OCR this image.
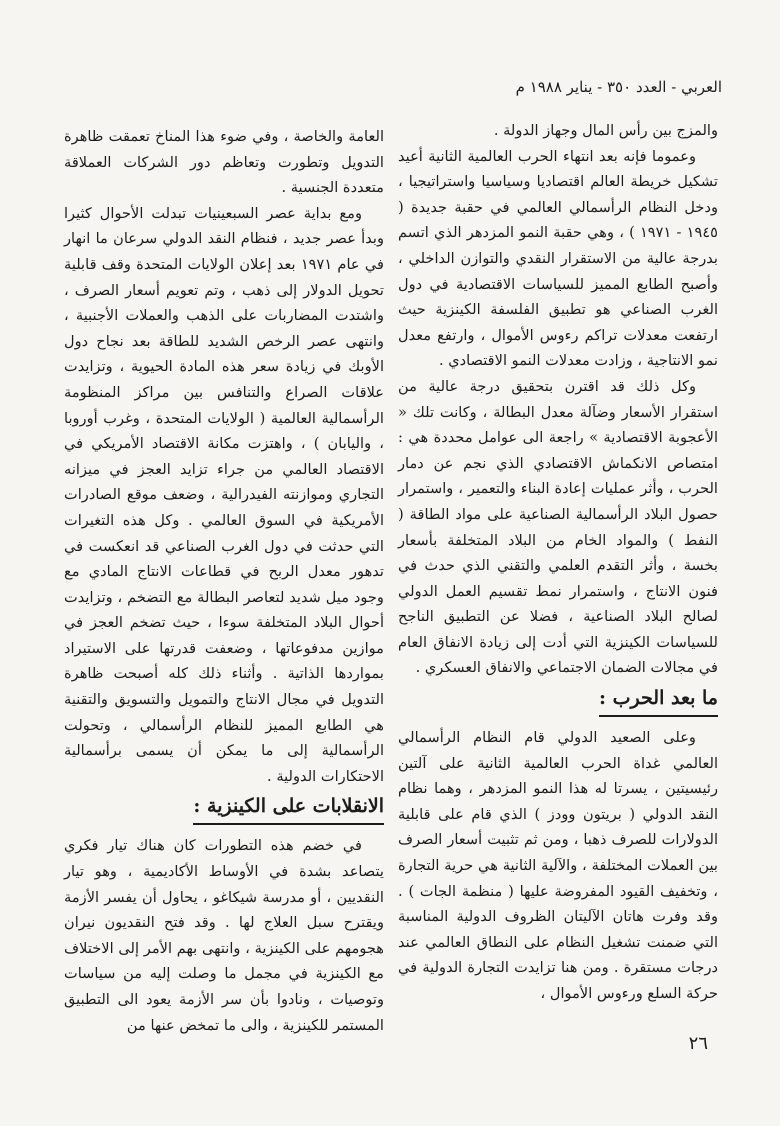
العربي - العدد ٣٥٠ - يناير ١٩٨٨ م

والمزج بين رأس المال وجهاز الدولة .

وعموما فإنه بعد انتهاء الحرب العالمية الثانية أعيد تشكيل خريطة العالم اقتصاديا وسياسيا واستراتيجيا ، ودخل النظام الرأسمالي العالمي في حقبة جديدة ( ١٩٤٥ - ١٩٧١ ) ، وهي حقبة النمو المزدهر الذي اتسم بدرجة عالية من الاستقرار النقدي والتوازن الداخلي ، وأصبح الطابع المميز للسياسات الاقتصادية في دول الغرب الصناعي هو تطبيق الفلسفة الكينزية حيث ارتفعت معدلات تراكم رءوس الأموال ، وارتفع معدل نمو الانتاجية ، وزادت معدلات النمو الاقتصادي .

وكل ذلك قد اقترن بتحقيق درجة عالية من استقرار الأسعار وضآلة معدل البطالة ، وكانت تلك « الأعجوبة الاقتصادية » راجعة الى عوامل محددة هي : امتصاص الانكماش الاقتصادي الذي نجم عن دمار الحرب ، وأثر عمليات إعادة البناء والتعمير ، واستمرار حصول البلاد الرأسمالية الصناعية على مواد الطاقة ( النفط ) والمواد الخام من البلاد المتخلفة بأسعار بخسة ، وأثر التقدم العلمي والتقني الذي حدث في فنون الانتاج ، واستمرار نمط تقسيم العمل الدولي لصالح البلاد الصناعية ، فضلا عن التطبيق الناجح للسياسات الكينزية التي أدت إلى زيادة الانفاق العام في مجالات الضمان الاجتماعي والانفاق العسكري .

ما بعد الحرب :

وعلى الصعيد الدولي قام النظام الرأسمالي العالمي غداة الحرب العالمية الثانية على آلتين رئيسيتين ، يسرتا له هذا النمو المزدهر ، وهما نظام النقد الدولي ( بريتون وودز ) الذي قام على قابلية الدولارات للصرف ذهبا ، ومن ثم تثبيت أسعار الصرف بين العملات المختلفة ، والآلية الثانية هي حرية التجارة ، وتخفيف القيود المفروضة عليها ( منظمة الجات ) . وقد وفرت هاتان الآليتان الظروف الدولية المناسبة التي ضمنت تشغيل النظام على النطاق العالمي عند درجات مستقرة . ومن هنا تزايدت التجارة الدولية في حركة السلع ورءوس الأموال ،

العامة والخاصة ، وفي ضوء هذا المناخ تعمقت ظاهرة التدويل وتطورت وتعاظم دور الشركات العملاقة متعددة الجنسية .

ومع بداية عصر السبعينيات تبدلت الأحوال كثيرا وبدأ عصر جديد ، فنظام النقد الدولي سرعان ما انهار في عام ١٩٧١ بعد إعلان الولايات المتحدة وقف قابلية تحويل الدولار إلى ذهب ، وتم تعويم أسعار الصرف ، واشتدت المضاربات على الذهب والعملات الأجنبية ، وانتهى عصر الرخص الشديد للطاقة بعد نجاح دول الأوبك في زيادة سعر هذه المادة الحيوية ، وتزايدت علاقات الصراع والتنافس بين مراكز المنظومة الرأسمالية العالمية ( الولايات المتحدة ، وغرب أوروبا ، واليابان ) ، واهتزت مكانة الاقتصاد الأمريكي في الاقتصاد العالمي من جراء تزايد العجز في ميزانه التجاري وموازنته الفيدرالية ، وضعف موقع الصادرات الأمريكية في السوق العالمي . وكل هذه التغيرات التي حدثت في دول الغرب الصناعي قد انعكست في تدهور معدل الربح في قطاعات الانتاج المادي مع وجود ميل شديد لتعاصر البطالة مع التضخم ، وتزايدت أحوال البلاد المتخلفة سوءا ، حيث تضخم العجز في موازين مدفوعاتها ، وضعفت قدرتها على الاستيراد بمواردها الذاتية . وأثناء ذلك كله أصبحت ظاهرة التدويل في مجال الانتاج والتمويل والتسويق والتقنية هي الطابع المميز للنظام الرأسمالي ، وتحولت الرأسمالية إلى ما يمكن أن يسمى برأسمالية الاحتكارات الدولية .

الانقلابات على الكينزية :

في خضم هذه التطورات كان هناك تيار فكري يتصاعد بشدة في الأوساط الأكاديمية ، وهو تيار النقديين ، أو مدرسة شيكاغو ، يحاول أن يفسر الأزمة ويقترح سبل العلاج لها . وقد فتح النقديون نيران هجومهم على الكينزية ، وانتهى بهم الأمر إلى الاختلاف مع الكينزية في مجمل ما وصلت إليه من سياسات وتوصيات ، ونادوا بأن سر الأزمة يعود الى التطبيق المستمر للكينزية ، والى ما تمخض عنها من

٢٦
